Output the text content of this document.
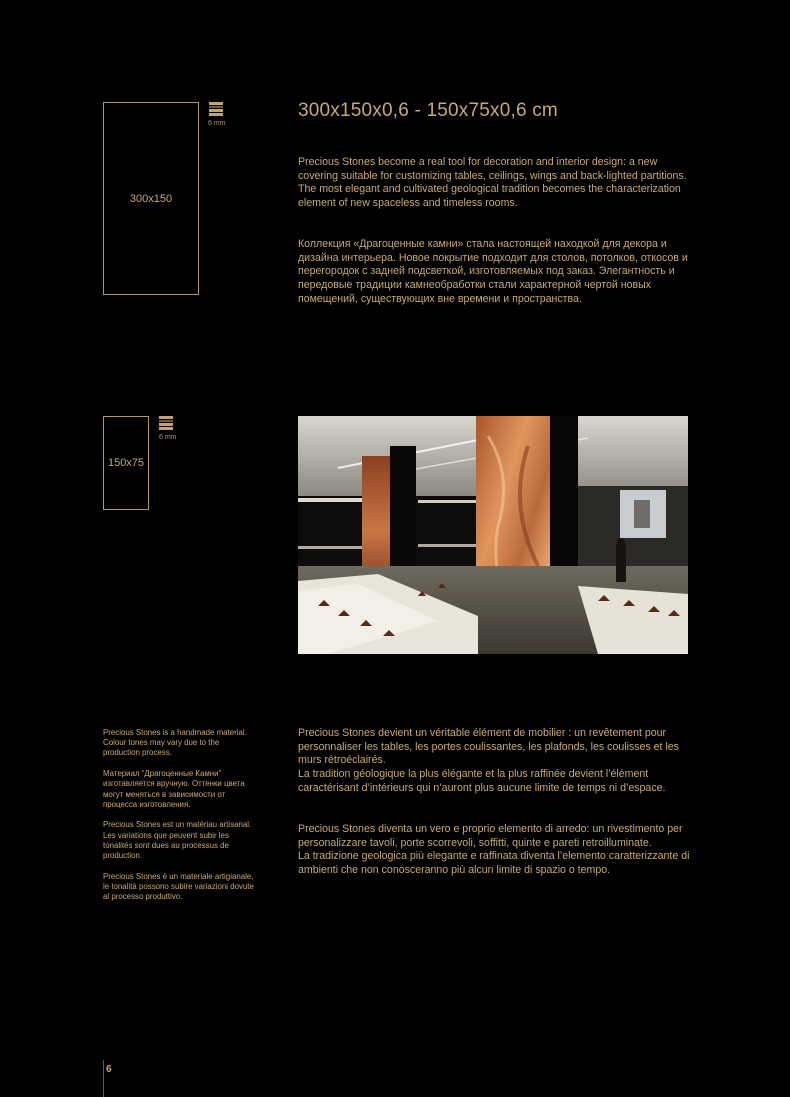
300x150
6 mm
300x150x0,6 - 150x75x0,6 cm

Precious Stones become a real tool for decoration and interior design: a new covering suitable for customizing tables, ceilings, wings and back-lighted partitions. The most elegant and cultivated geological tradition becomes the characterization element of new spaceless and timeless rooms.

Коллекция «Драгоценные камни» стала настоящей находкой для декора и дизайна интерьера. Новое покрытие подходит для столов, потолков, откосов и перегородок с задней подсветкой, изготовляемых под заказ. Элегантность и передовые традиции камнеобработки стали характерной чертой новых помещений, существующих вне времени и пространства.

150x75
6 mm

Precious Stones is a handmade material. Colour tones may vary due to the production process.

Материал “Драгоценные Камни” изготавляется вручную. Оттенки цвета могут меняться в зависимости от процесса изготовления.

Precious Stones est un matériau artisanal. Les variations que peuvent subir les tonalités sont dues au processus de production.

Precious Stones è un materiale artigianale, le tonalità possono subire variazioni dovute al processo produttivo.

Precious Stones devient un véritable élément de mobilier : un revêtement pour personnaliser les tables, les portes coulissantes, les plafonds, les coulisses et les murs rétroéclairés.

La tradition géologique la plus élégante et la plus raffinée devient l’élément caractérisant d’intérieurs qui n’auront plus aucune limite de temps ni d’espace.

Precious Stones diventa un vero e proprio elemento di arredo: un rivestimento per personalizzare tavoli, porte scorrevoli, soffitti, quinte e pareti retroilluminate.

La tradizione geologica più elegante e raffinata diventa l’elemento caratterizzante di ambienti che non conosceranno più alcun limite di spazio o tempo.

6
